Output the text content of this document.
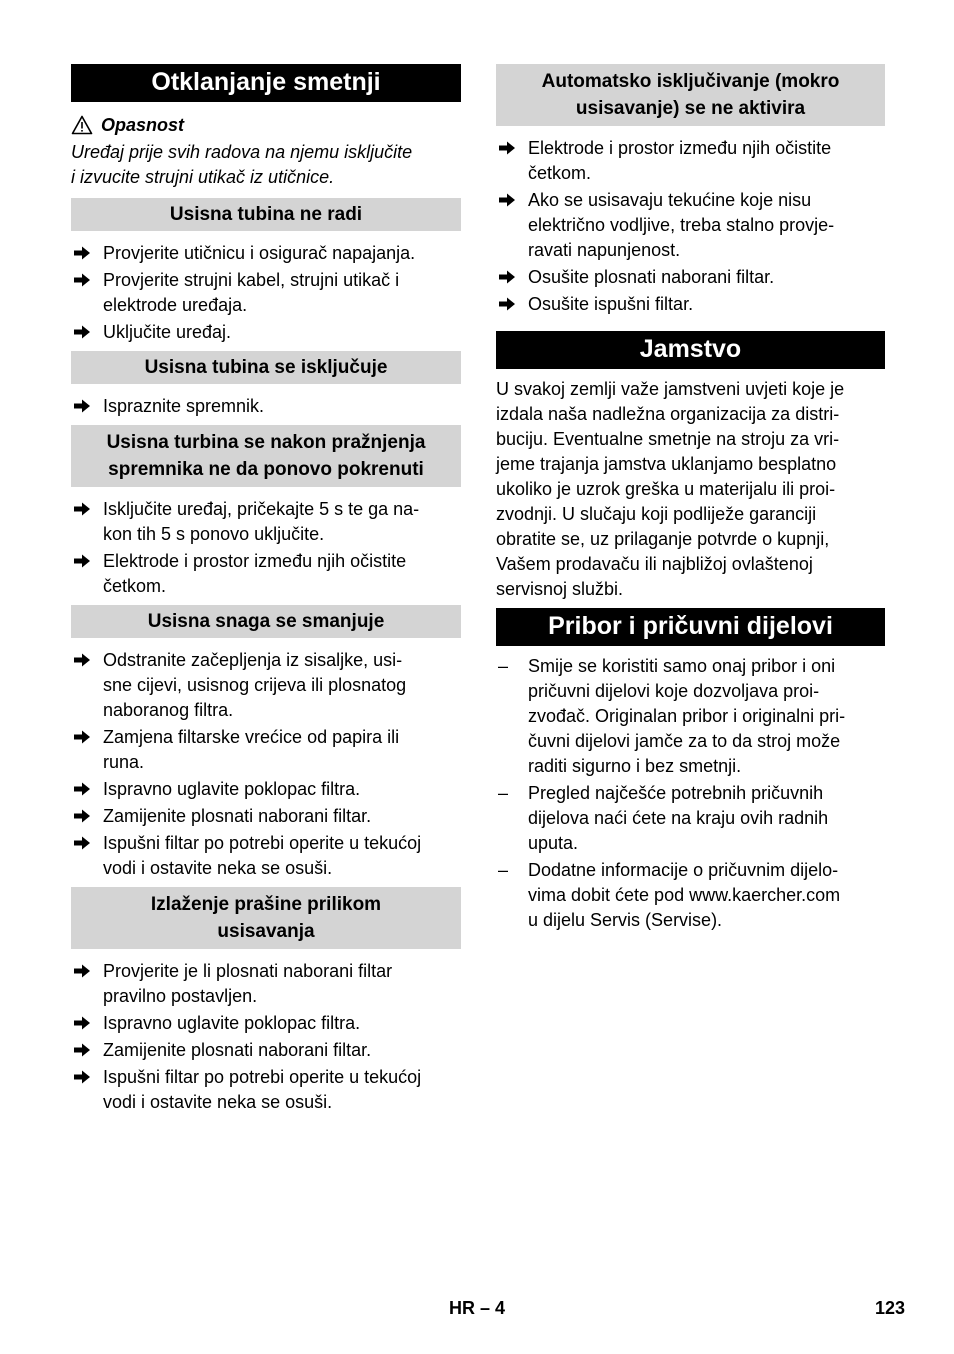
Otklanjanje smetnji
Opasnost
Uređaj prije svih radova na njemu isključite
i izvucite strujni utikač iz utičnice.
Usisna tubina ne radi
Provjerite utičnicu i osigurač napajanja.
Provjerite strujni kabel, strujni utikač i
elektrode uređaja.
Uključite uređaj.
Usisna tubina se isključuje
Ispraznite spremnik.
Usisna turbina se nakon pražnjenja
spremnika ne da ponovo pokrenuti
Isključite uređaj, pričekajte 5 s te ga na-
kon tih 5 s ponovo uključite.
Elektrode i prostor između njih očistite
četkom.
Usisna snaga se smanjuje
Odstranite začepljenja iz sisaljke, usi-
sne cijevi, usisnog crijeva ili plosnatog
naboranog filtra.
Zamjena filtarske vrećice od papira ili
runa.
Ispravno uglavite poklopac filtra.
Zamijenite plosnati naborani filtar.
Ispušni filtar po potrebi operite u tekućoj
vodi i ostavite neka se osuši.
Izlaženje prašine prilikom
usisavanja
Provjerite je li plosnati naborani filtar
pravilno postavljen.
Ispravno uglavite poklopac filtra.
Zamijenite plosnati naborani filtar.
Ispušni filtar po potrebi operite u tekućoj
vodi i ostavite neka se osuši.
Automatsko isključivanje (mokro
usisavanje) se ne aktivira
Elektrode i prostor između njih očistite
četkom.
Ako se usisavaju tekućine koje nisu
električno vodljive, treba stalno provje-
ravati napunjenost.
Osušite plosnati naborani filtar.
Osušite ispušni filtar.
Jamstvo
U svakoj zemlji važe jamstveni uvjeti koje je
izdala naša nadležna organizacija za distri-
buciju. Eventualne smetnje na stroju za vri-
jeme trajanja jamstva uklanjamo besplatno
ukoliko je uzrok greška u materijalu ili proi-
zvodnji. U slučaju koji podliježe garanciji
obratite se, uz prilaganje potvrde o kupnji,
Vašem prodavaču ili najbližoj ovlaštenoj
servisnoj službi.
Pribor i pričuvni dijelovi
– Smije se koristiti samo onaj pribor i oni
pričuvni dijelovi koje dozvoljava proi-
zvođač. Originalan pribor i originalni pri-
čuvni dijelovi jamče za to da stroj može
raditi sigurno i bez smetnji.
– Pregled najčešće potrebnih pričuvnih
dijelova naći ćete na kraju ovih radnih
uputa.
– Dodatne informacije o pričuvnim dijelo-
vima dobit ćete pod www.kaercher.com
u dijelu Servis (Servise).
HR – 4	123
